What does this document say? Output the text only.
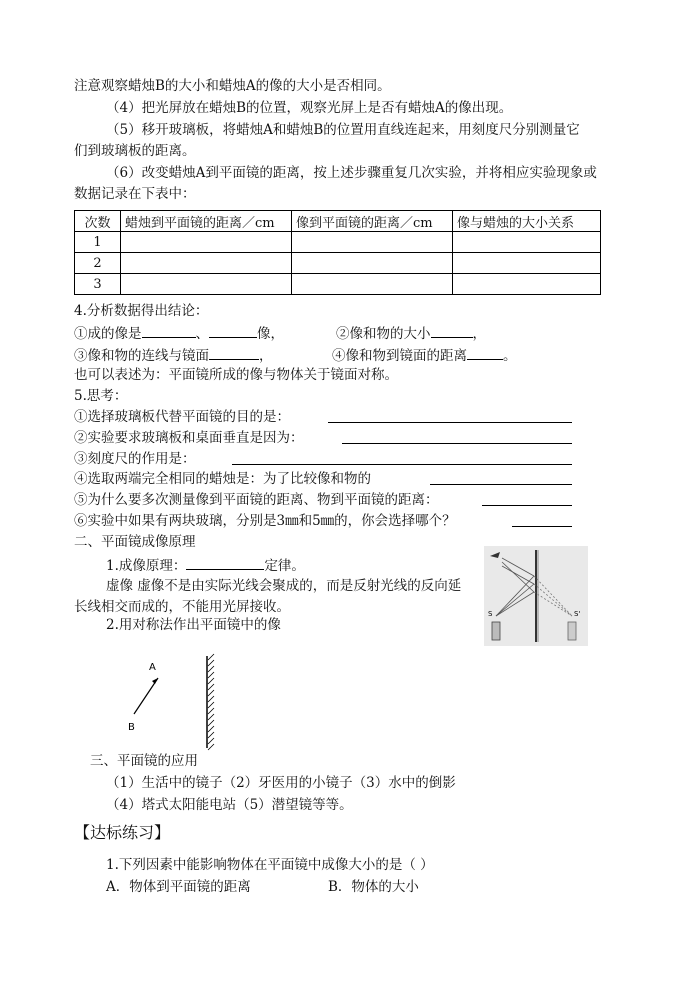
注意观察蜡烛B的大小和蜡烛A的像的大小是否相同。
（4）把光屏放在蜡烛B的位置，观察光屏上是否有蜡烛A的像出现。
（5）移开玻璃板，将蜡烛A和蜡烛B的位置用直线连起来，用刻度尺分别测量它
们到玻璃板的距离。
（6）改变蜡烛A到平面镜的距离，按上述步骤重复几次实验，并将相应实验现象或
数据记录在下表中：
次数	蜡烛到平面镜的距离／cm	像到平面镜的距离／cm	像与蜡烛的大小关系
1			
2			
3			
4.分析数据得出结论：
①成的像是	、	像，	②像和物的大小	，
③像和物的连线与镜面	，	④像和物到镜面的距离	。
也可以表述为：平面镜所成的像与物体关于镜面对称。
5.思考：
①选择玻璃板代替平面镜的目的是：
②实验要求玻璃板和桌面垂直是因为：
③刻度尺的作用是：
④选取两端完全相同的蜡烛是：为了比较像和物的
⑤为什么要多次测量像到平面镜的距离、物到平面镜的距离：
⑥实验中如果有两块玻璃，分别是3㎜和5㎜的，你会选择哪个？
二、平面镜成像原理
1.成像原理：	定律。
虚像 虚像不是由实际光线会聚成的，而是反射光线的反向延
长线相交而成的，不能用光屏接收。
2.用对称法作出平面镜中的像
S	S'
A
B
三、平面镜的应用
（1）生活中的镜子（2）牙医用的小镜子（3）水中的倒影
（4）塔式太阳能电站（5）潜望镜等等。
【达标练习】
1.下列因素中能影响物体在平面镜中成像大小的是（ ）
A．物体到平面镜的距离	B．物体的大小
